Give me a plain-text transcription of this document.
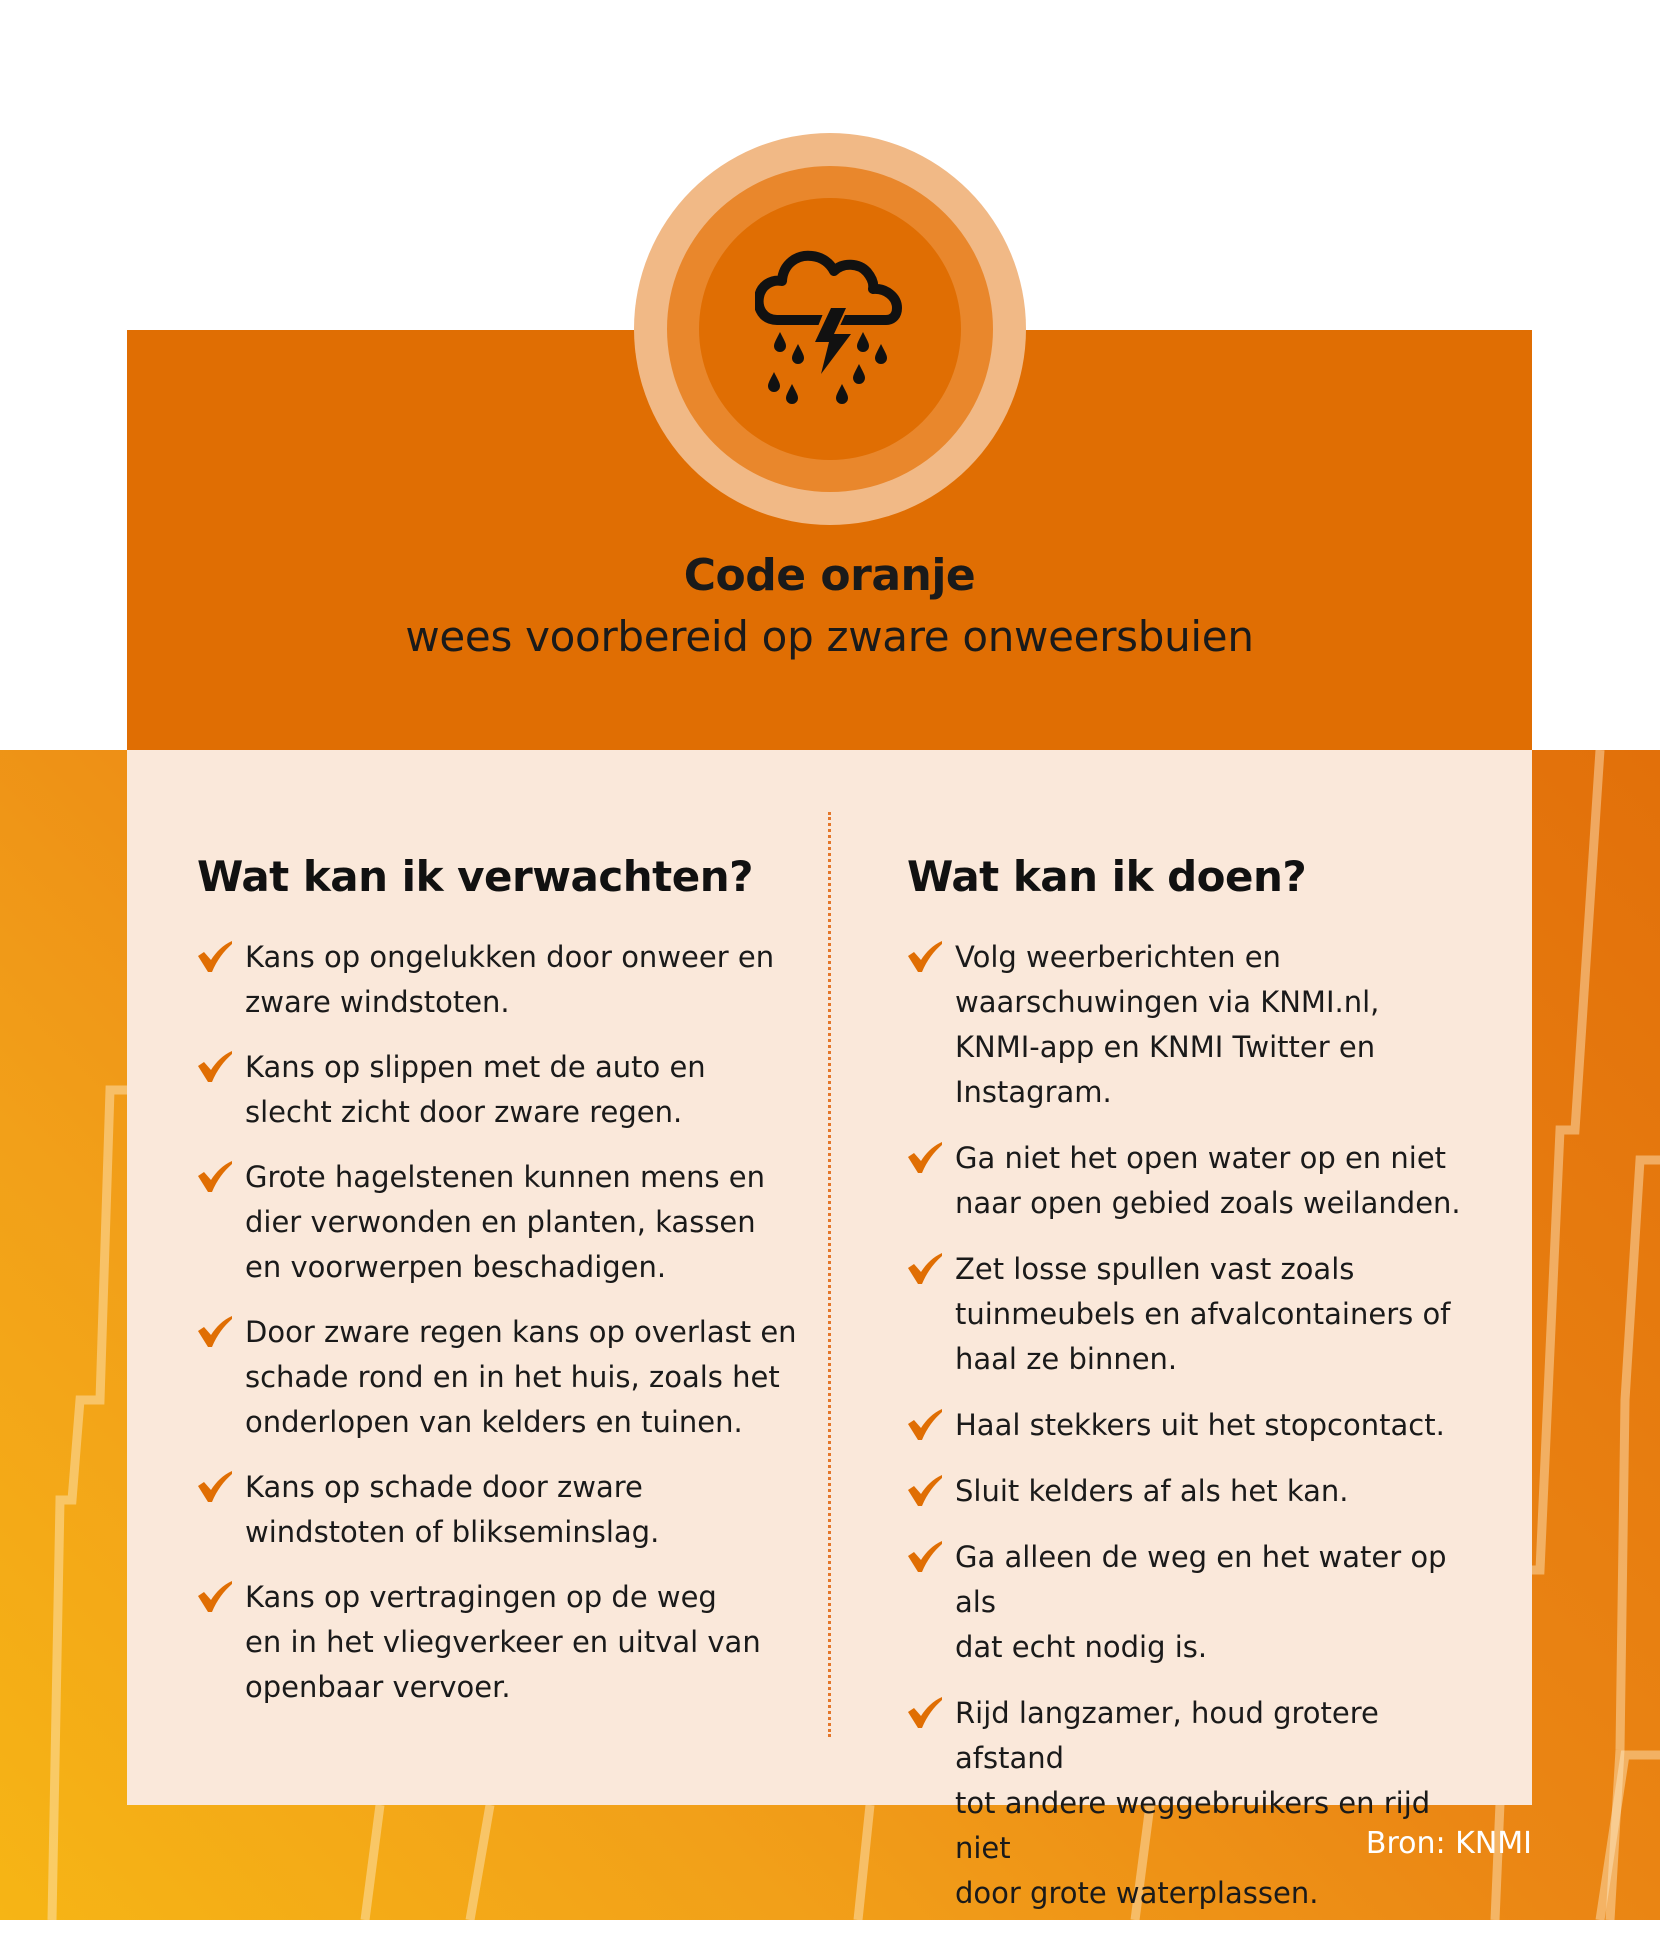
Code oranje
wees voorbereid op zware onweersbuien
Wat kan ik verwachten?
Kans op ongelukken door onweer en
zware windstoten.
Kans op slippen met de auto en
slecht zicht door zware regen.
Grote hagelstenen kunnen mens en
dier verwonden en planten, kassen
en voorwerpen beschadigen.
Door zware regen kans op overlast en
schade rond en in het huis, zoals het
onderlopen van kelders en tuinen.
Kans op schade door zware
windstoten of blikseminslag.
Kans op vertragingen op de weg
en in het vliegverkeer en uitval van
openbaar vervoer.
Wat kan ik doen?
Volg weerberichten en
waarschuwingen via KNMI.nl,
KNMI-app en KNMI Twitter en
Instagram.
Ga niet het open water op en niet
naar open gebied zoals weilanden.
Zet losse spullen vast zoals
tuinmeubels en afvalcontainers of
haal ze binnen.
Haal stekkers uit het stopcontact.
Sluit kelders af als het kan.
Ga alleen de weg en het water op als
dat echt nodig is.
Rijd langzamer, houd grotere afstand
tot andere weggebruikers en rijd niet
door grote waterplassen.
Bron: KNMI
